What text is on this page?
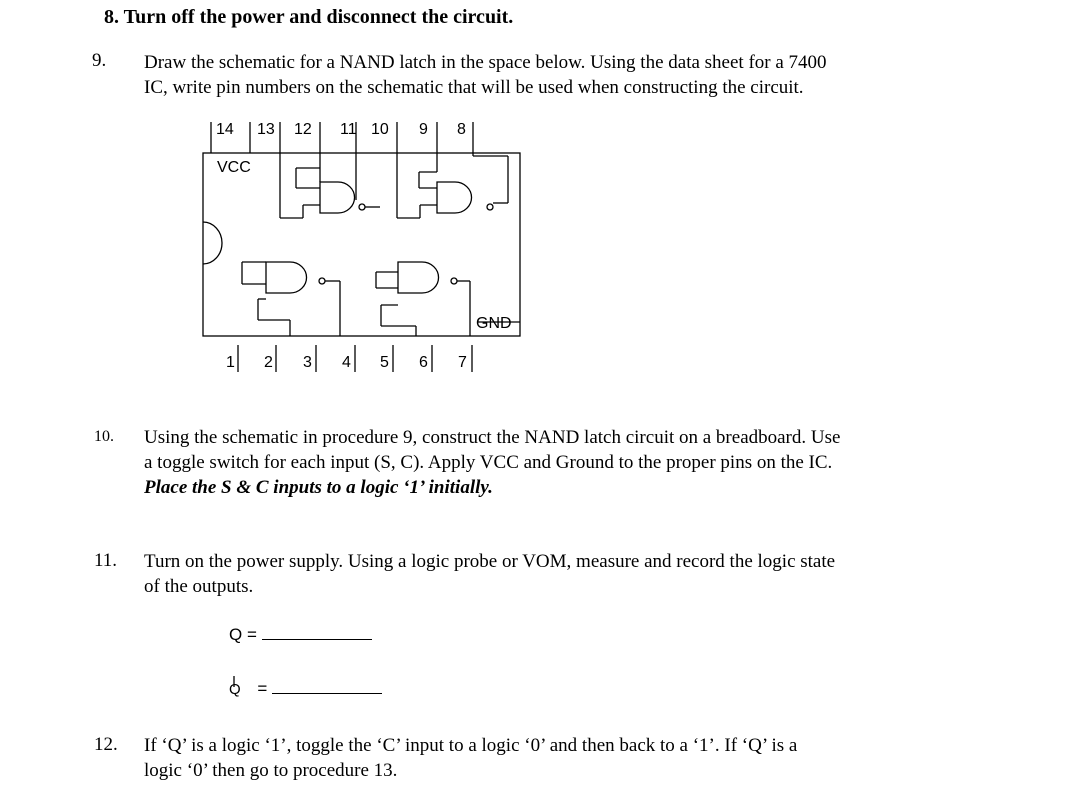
8. Turn off the power and disconnect the circuit.
9. Draw the schematic for a NAND latch in the space below. Using the data sheet for a 7400
IC, write pin numbers on the schematic that will be used when constructing the circuit.
14 13 12 11 10 9 8
VCC
GND
1 2 3 4 5 6 7
10. Using the schematic in procedure 9, construct the NAND latch circuit on a breadboard. Use
a toggle switch for each input (S, C). Apply VCC and Ground to the proper pins on the IC.
Place the S & C inputs to a logic ‘1’ initially.
11. Turn on the power supply. Using a logic probe or VOM, measure and record the logic state
of the outputs.
Q =
Q =
12. If ‘Q’ is a logic ‘1’, toggle the ‘C’ input to a logic ‘0’ and then back to a ‘1’. If ‘Q’ is a
logic ‘0’ then go to procedure 13.
